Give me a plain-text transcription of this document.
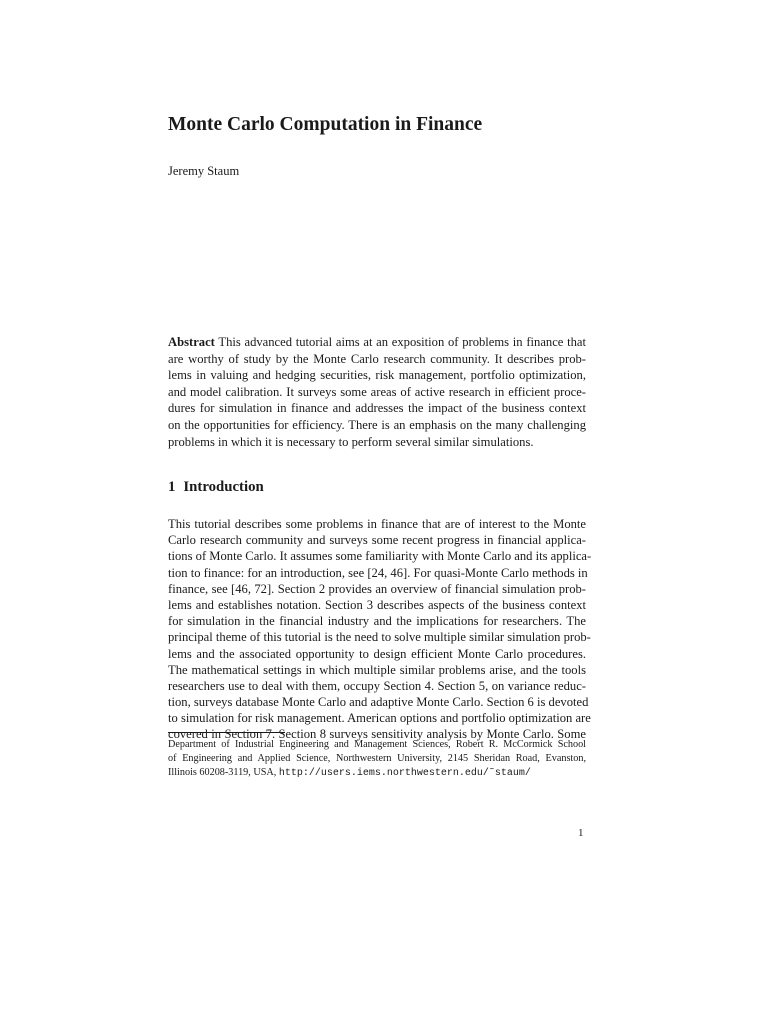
Monte Carlo Computation in Finance
Jeremy Staum
Abstract This advanced tutorial aims at an exposition of problems in finance that
are worthy of study by the Monte Carlo research community. It describes prob-
lems in valuing and hedging securities, risk management, portfolio optimization,
and model calibration. It surveys some areas of active research in efficient proce-
dures for simulation in finance and addresses the impact of the business context
on the opportunities for efficiency. There is an emphasis on the many challenging
problems in which it is necessary to perform several similar simulations.
1 Introduction
This tutorial describes some problems in finance that are of interest to the Monte
Carlo research community and surveys some recent progress in financial applica-
tions of Monte Carlo. It assumes some familiarity with Monte Carlo and its applica-
tion to finance: for an introduction, see [24, 46]. For quasi-Monte Carlo methods in
finance, see [46, 72]. Section 2 provides an overview of financial simulation prob-
lems and establishes notation. Section 3 describes aspects of the business context
for simulation in the financial industry and the implications for researchers. The
principal theme of this tutorial is the need to solve multiple similar simulation prob-
lems and the associated opportunity to design efficient Monte Carlo procedures.
The mathematical settings in which multiple similar problems arise, and the tools
researchers use to deal with them, occupy Section 4. Section 5, on variance reduc-
tion, surveys database Monte Carlo and adaptive Monte Carlo. Section 6 is devoted
to simulation for risk management. American options and portfolio optimization are
covered in Section 7. Section 8 surveys sensitivity analysis by Monte Carlo. Some
Department of Industrial Engineering and Management Sciences, Robert R. McCormick School
of Engineering and Applied Science, Northwestern University, 2145 Sheridan Road, Evanston,
Illinois 60208-3119, USA, http://users.iems.northwestern.edu/˜staum/
1
